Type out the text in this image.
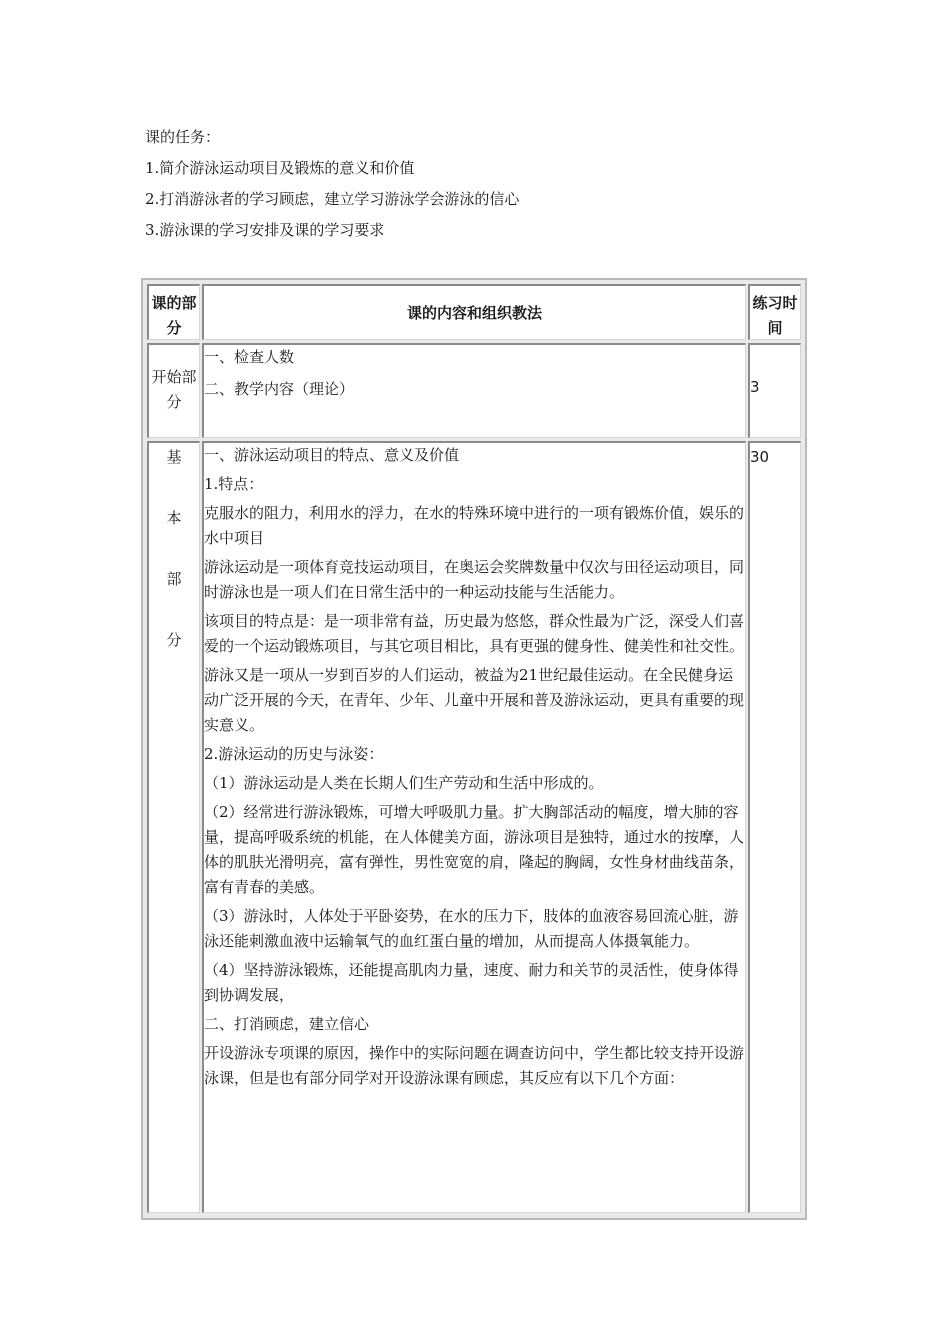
课的任务：

1.简介游泳运动项目及锻炼的意义和价值

2.打消游泳者的学习顾虑，建立学习游泳学会游泳的信心

3.游泳课的学习安排及课的学习要求

课的部
分
课的内容和组织教法
练习时
间
开始部
分

一、检查人数

二、教学内容（理论）	3
基
本
部
分

一、游泳运动项目的特点、意义及价值

1.特点：

克服水的阻力，利用水的浮力，在水的特殊环境中进行的一项有锻炼价值，娱乐的水中项目

游泳运动是一项体育竞技运动项目，在奥运会奖牌数量中仅次与田径运动项目，同时游泳也是一项人们在日常生活中的一种运动技能与生活能力。

该项目的特点是：是一项非常有益，历史最为悠悠，群众性最为广泛，深受人们喜爱的一个运动锻炼项目，与其它项目相比，具有更强的健身性、健美性和社交性。

游泳又是一项从一岁到百岁的人们运动，被益为21世纪最佳运动。在全民健身运动广泛开展的今天，在青年、少年、儿童中开展和普及游泳运动，更具有重要的现实意义。

2.游泳运动的历史与泳姿：

（1）游泳运动是人类在长期人们生产劳动和生活中形成的。

（2）经常进行游泳锻炼，可增大呼吸肌力量。扩大胸部活动的幅度，增大肺的容量，提高呼吸系统的机能，在人体健美方面，游泳项目是独特，通过水的按摩，人体的肌肤光滑明亮，富有弹性，男性宽宽的肩，隆起的胸阔，女性身材曲线苗条，富有青春的美感。

（3）游泳时，人体处于平卧姿势，在水的压力下，肢体的血液容易回流心脏，游泳还能刺激血液中运输氧气的血红蛋白量的增加，从而提高人体摄氧能力。

（4）坚持游泳锻炼，还能提高肌肉力量，速度、耐力和关节的灵活性，使身体得到协调发展，

二、打消顾虑，建立信心

开设游泳专项课的原因，操作中的实际问题在调查访问中，学生都比较支持开设游泳课，但是也有部分同学对开设游泳课有顾虑，其反应有以下几个方面：

30
